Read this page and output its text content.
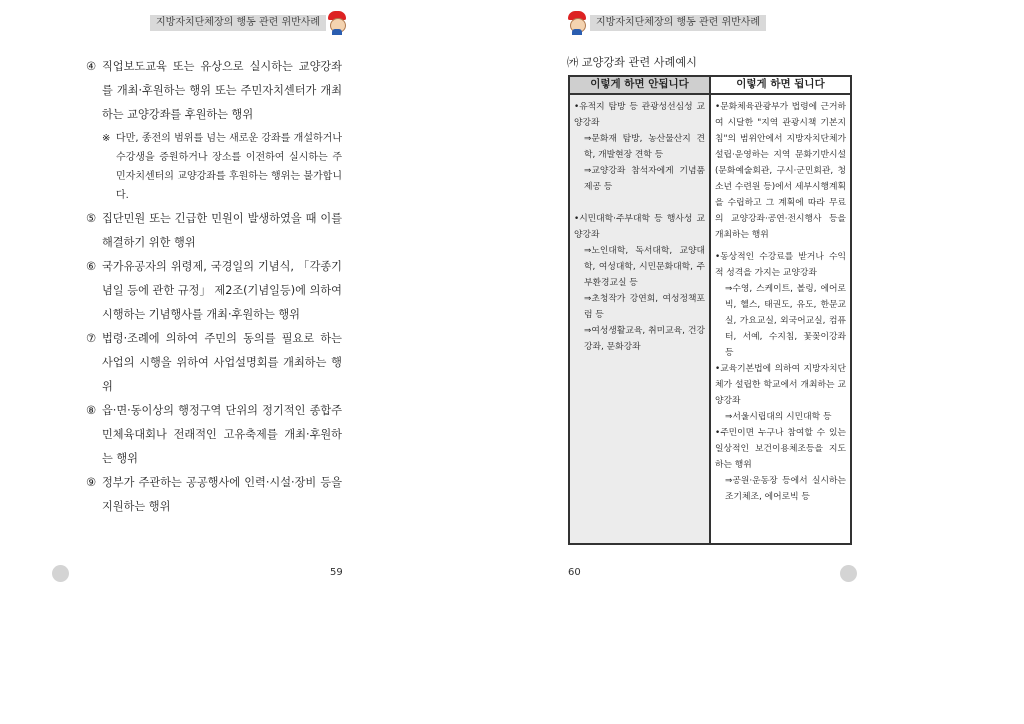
지방자치단체장의 행동 관련 위반사례
④ 직업보도교육 또는 유상으로 실시하는 교양강좌를 개최·후원하는 행위 또는 주민자치센터가 개최하는 교양강좌를 후원하는 행위
※ 다만, 종전의 범위를 넘는 새로운 강좌를 개설하거나 수강생을 증원하거나 장소를 이전하여 실시하는 주민자치센터의 교양강좌를 후원하는 행위는 불가합니다.
⑤ 집단민원 또는 긴급한 민원이 발생하였을 때 이를 해결하기 위한 행위
⑥ 국가유공자의 위령제, 국경일의 기념식, 「각종기념일 등에 관한 규정」 제2조(기념일등)에 의하여 시행하는 기념행사를 개최·후원하는 행위
⑦ 법령·조례에 의하여 주민의 동의를 필요로 하는 사업의 시행을 위하여 사업설명회를 개최하는 행위
⑧ 읍·면·동이상의 행정구역 단위의 정기적인 종합주민체육대회나 전래적인 고유축제를 개최·후원하는 행위
⑨ 정부가 주관하는 공공행사에 인력·시설·장비 등을 지원하는 행위
59
지방자치단체장의 행동 관련 위반사례
60
㈎ 교양강좌 관련 사례예시
이렇게 하면 안됩니다	이렇게 하면 됩니다
•유적지 탐방 등 관광성선심성 교양강좌
⇒문화재 탐방, 농산물산지 견학, 개발현장 견학 등
⇒교양강좌 참석자에게 기념품제공 등
•시민대학·주부대학 등 행사성 교양강좌
⇒노인대학, 독서대학, 교양대학, 여성대학, 시민문화대학, 주부환경교실 등
⇒초청작가 강연회, 여성정책포럼 등
⇒여성생활교육, 취미교육, 건강강좌, 문화강좌
•문화체육관광부가 법령에 근거하여 시달한 "지역 관광시책 기본지침"의 범위안에서 지방자치단체가 설립·운영하는 지역 문화기반시설(문화예술회관, 구시·군민회관, 청소년 수련원 등)에서 세부시행계획을 수립하고 그 계획에 따라 무료의 교양강좌·공연·전시행사 등을 개최하는 행위
•동상적인 수강료를 받거나 수익적 성격을 가지는 교양강좌
⇒수영, 스케이트, 볼링, 에어로빅, 헬스, 태권도, 유도, 한문교실, 가요교실, 외국어교실, 컴퓨터, 서예, 수지침, 꽃꽂이강좌 등
•교육기본법에 의하여 지방자치단체가 설립한 학교에서 개최하는 교양강좌
⇒서울시립대의 시민대학 등
•주민이면 누구나 참여할 수 있는 일상적인 보건이용체조등을 지도하는 행위
⇒공원·운동장 등에서 실시하는 조기체조, 에어로빅 등
